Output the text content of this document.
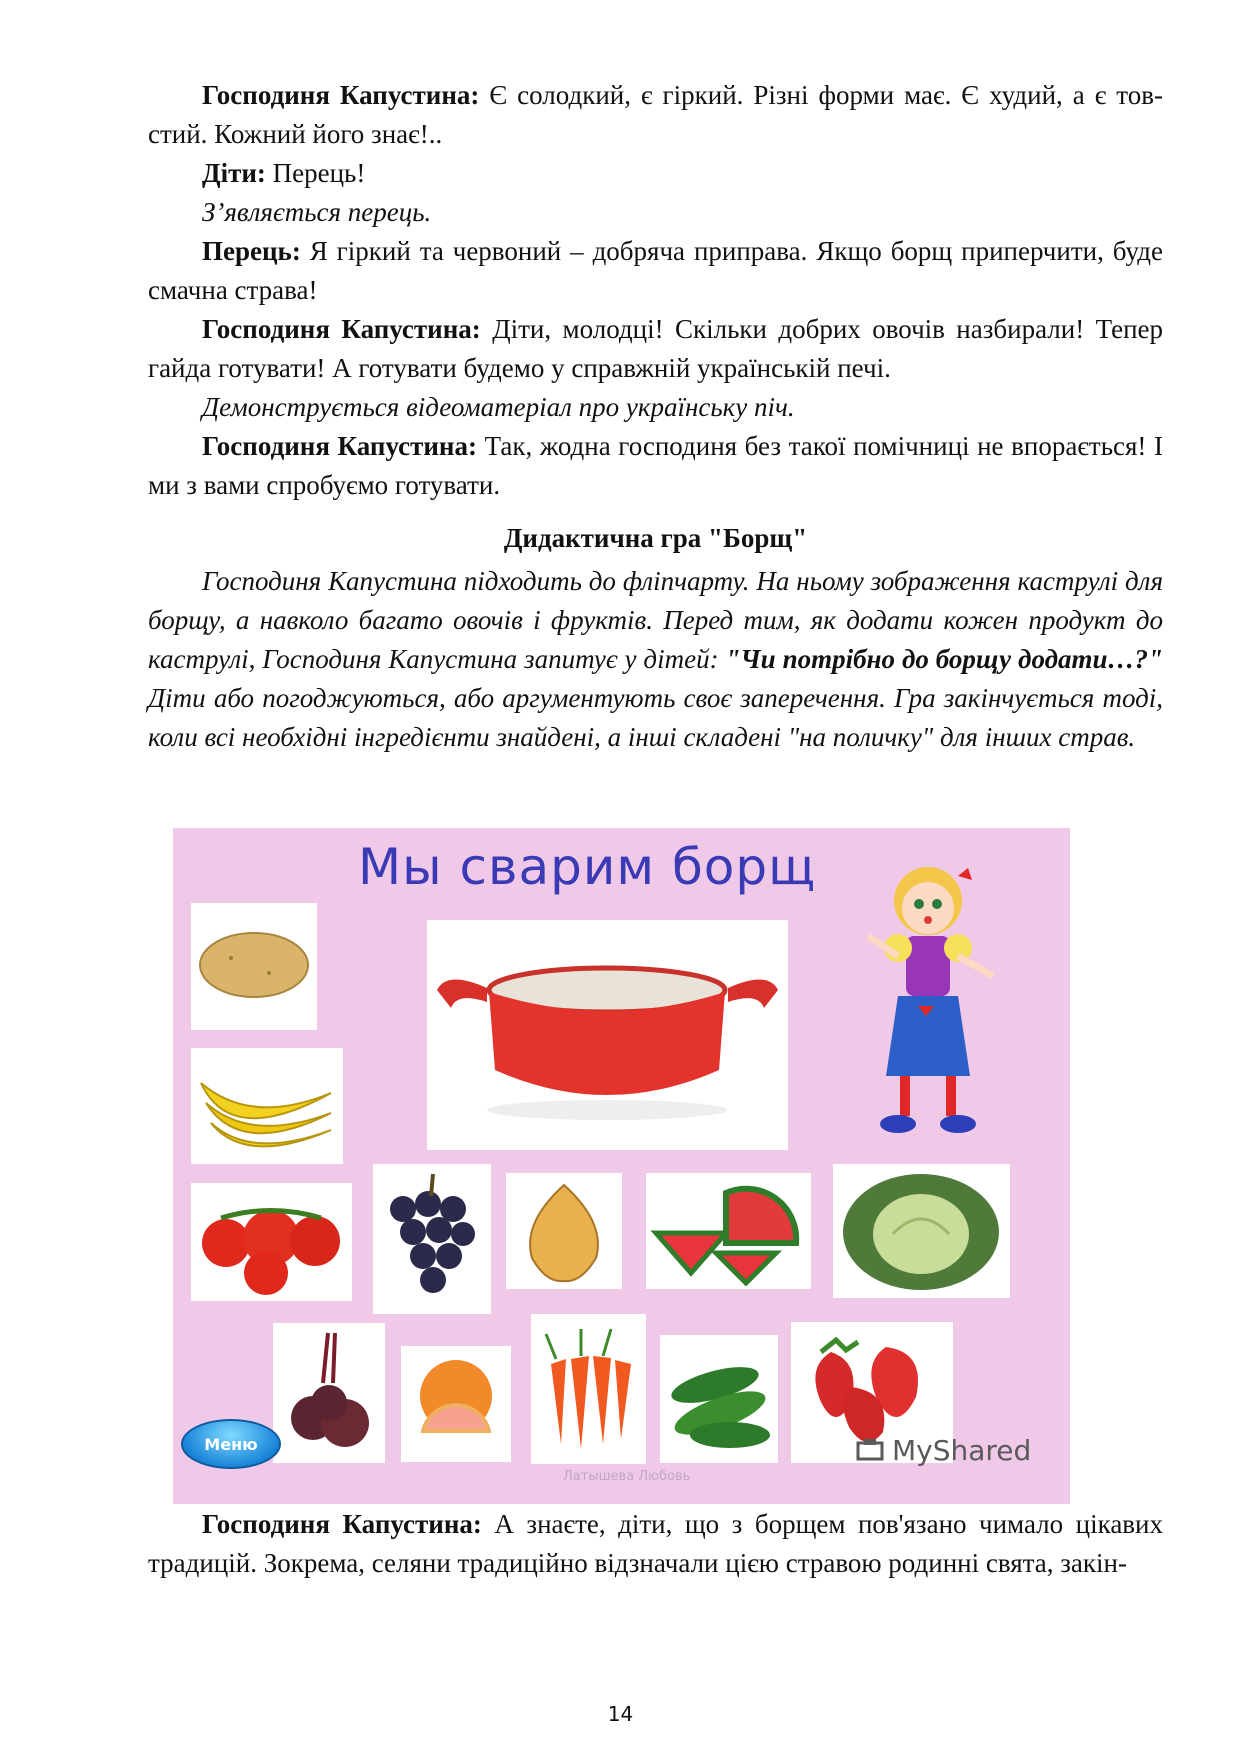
  Господиня Капустина: Є солодкий, є гіркий. Різні форми має. Є худий, а є товстий. Кожний його знає!..

  Діти: Перець!

  З’являється перець.

  Перець: Я гіркий та червоний – добряча приправа. Якщо борщ приперчити, буде смачна страва!

  Господиня Капустина: Діти, молодці! Скільки добрих овочів назбирали! Тепер гайда готувати! А готувати будемо у справжній українській печі.

  Демонструється відеоматеріал про українську піч.

  Господиня Капустина: Так, жодна господиня без такої помічниці не впорається! І ми з вами спробуємо готувати.

Дидактична гра "Борщ"

  Господиня Капустина підходить до фліпчарту. На ньому зображення каструлі для борщу, а навколо багато овочів і фруктів. Перед тим, як додати кожен продукт до каструлі, Господиня Капустина запитує у дітей: "Чи потрібно до борщу додати…?" Діти або погоджуються, або аргументують своє заперечення. Гра закінчується тоді, коли всі необхідні інгредієнти знайдені, а інші складені "на поличку" для інших страв.

Мы сварим борщ
Меню
Латышева Любовь
MyShared

  Господиня Капустина: А знаєте, діти, що з борщем пов'язано чимало цікавих традицій. Зокрема, селяни традиційно відзначали цією стравою родинні свята, закін-

14
